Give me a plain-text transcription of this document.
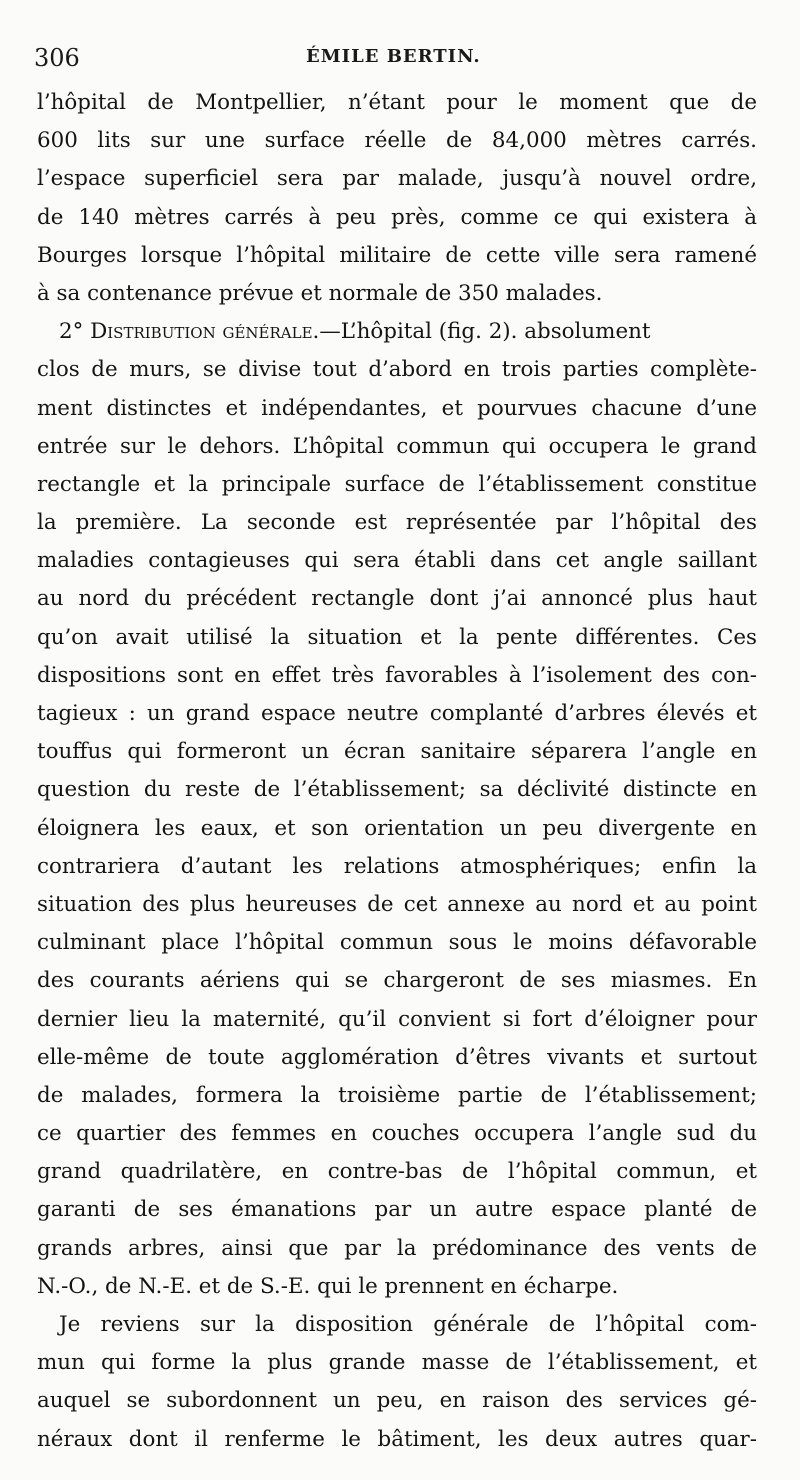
306	ÉMILE BERTIN.
l’hôpital de Montpellier, n’étant pour le moment que de
600 lits sur une surface réelle de 84,000 mètres carrés.
l’espace superficiel sera par malade, jusqu’à nouvel ordre,
de 140 mètres carrés à peu près, comme ce qui existera à
Bourges lorsque l’hôpital militaire de cette ville sera ramené
à sa contenance prévue et normale de 350 malades.
2° Distribution générale.—L’hôpital (fig. 2). absolument
clos de murs, se divise tout d’abord en trois parties complète-
ment distinctes et indépendantes, et pourvues chacune d’une
entrée sur le dehors. L’hôpital commun qui occupera le grand
rectangle et la principale surface de l’établissement constitue
la première. La seconde est représentée par l’hôpital des
maladies contagieuses qui sera établi dans cet angle saillant
au nord du précédent rectangle dont j’ai annoncé plus haut
qu’on avait utilisé la situation et la pente différentes. Ces
dispositions sont en effet très favorables à l’isolement des con-
tagieux : un grand espace neutre complanté d’arbres élevés et
touffus qui formeront un écran sanitaire séparera l’angle en
question du reste de l’établissement; sa déclivité distincte en
éloignera les eaux, et son orientation un peu divergente en
contrariera d’autant les relations atmosphériques; enfin la
situation des plus heureuses de cet annexe au nord et au point
culminant place l’hôpital commun sous le moins défavorable
des courants aériens qui se chargeront de ses miasmes. En
dernier lieu la maternité, qu’il convient si fort d’éloigner pour
elle-même de toute agglomération d’êtres vivants et surtout
de malades, formera la troisième partie de l’établissement;
ce quartier des femmes en couches occupera l’angle sud du
grand quadrilatère, en contre-bas de l’hôpital commun, et
garanti de ses émanations par un autre espace planté de
grands arbres, ainsi que par la prédominance des vents de
N.-O., de N.-E. et de S.-E. qui le prennent en écharpe.
Je reviens sur la disposition générale de l’hôpital com-
mun qui forme la plus grande masse de l’établissement, et
auquel se subordonnent un peu, en raison des services gé-
néraux dont il renferme le bâtiment, les deux autres quar-
